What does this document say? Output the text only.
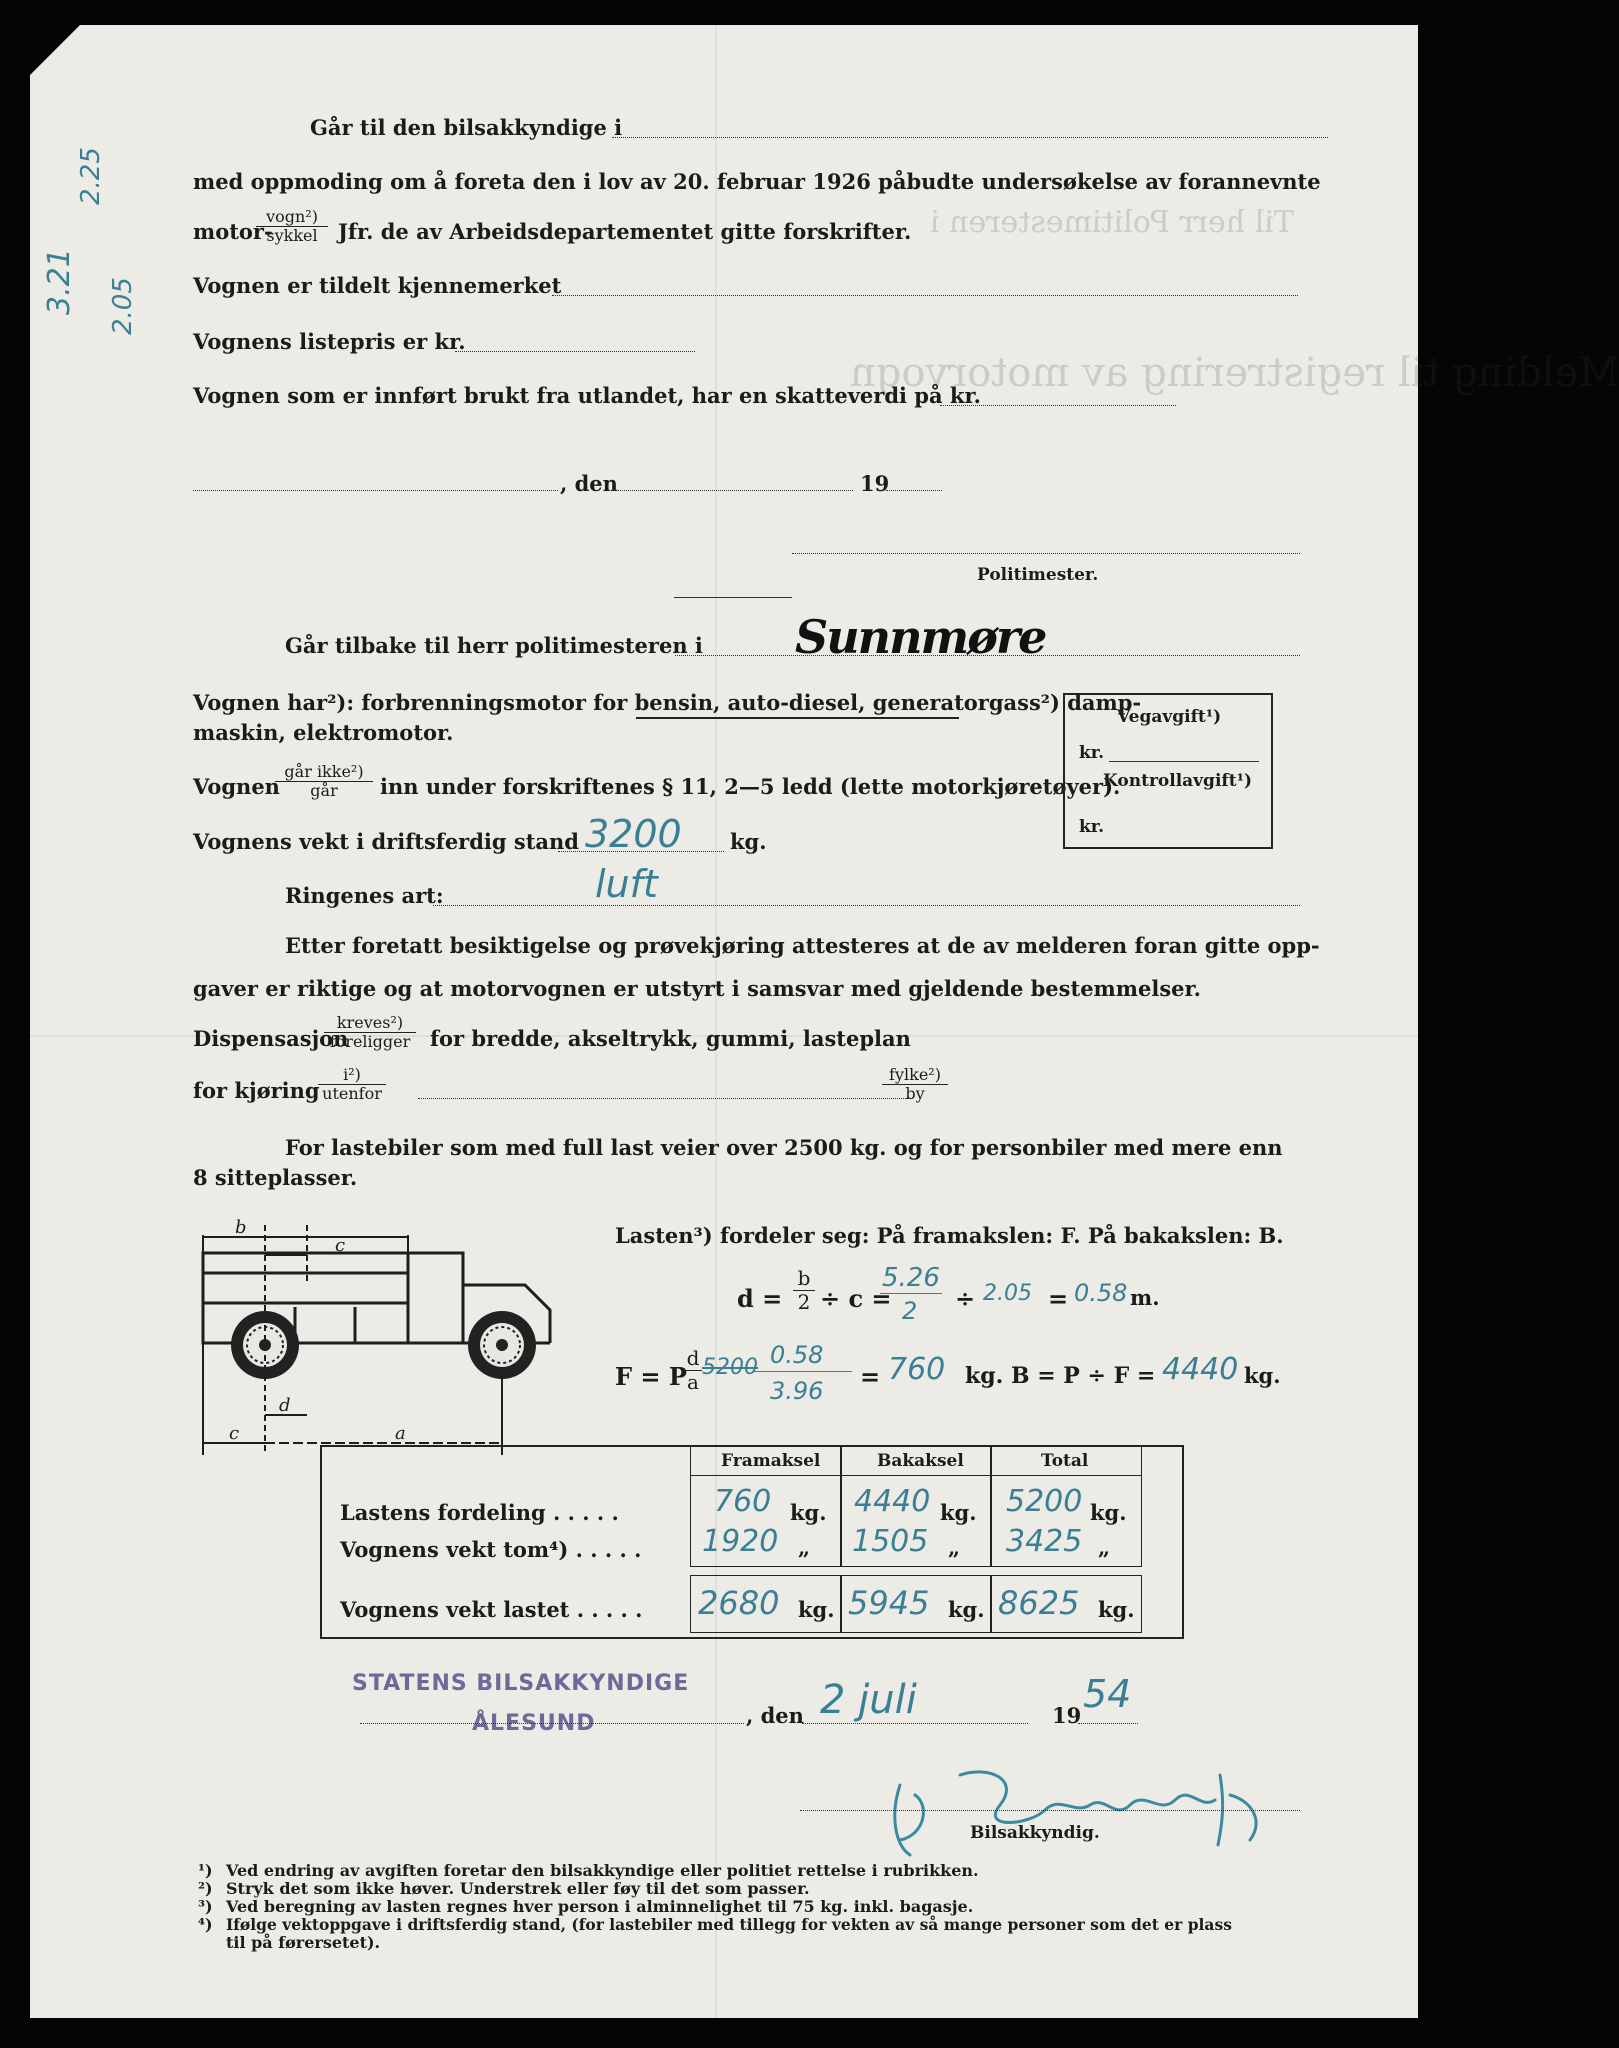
Til herr Politimesteren i
Melding til registrering av motorvogn
3.21
2.25
2.05
Går til den bilsakkyndige i
med oppmoding om å foreta den i lov av 20. februar 1926 påbudte undersøkelse av forannevnte
motor-
vogn²)
sykkel Jfr. de av Arbeidsdepartementet gitte forskrifter.
Vognen er tildelt kjennemerket
Vognens listepris er kr.
Vognen som er innført brukt fra utlandet, har en skatteverdi på kr.
, den	19
Politimester.
Går tilbake til herr politimesteren i Sunnmøre
Vognen har²): forbrenningsmotor for bensin, auto-diesel, generatorgass²) damp-
maskin, elektromotor.
Vognen
går ikke²)
går	inn under forskriftenes § 11, 2—5 ledd (lette motorkjøretøyer).
Vegavgift¹)
kr.
Kontrollavgift¹)
kr.
Vognens vekt i driftsferdig stand 3200 kg.
Ringenes art:	luft
Etter foretatt besiktigelse og prøvekjøring attesteres at de av melderen foran gitte opp-
gaver er riktige og at motorvognen er utstyrt i samsvar med gjeldende bestemmelser.
Dispensasjon
kreves²)
foreligger for bredde, akseltrykk, gummi, lasteplan
for kjøring
i²)
utenfor
fylke²)
by
For lastebiler som med full last veier over 2500 kg. og for personbiler med mere enn
8 sitteplasser.
b
c
d
a
c
Lasten³) fordeler seg: På framakslen: F. På bakakslen: B.
$d = \frac{b}{2} \div c$ =
5.26
2 ÷ 2.05 = 0.58 m.
F = P
$\frac{d}{a} 5200$ 0.58
3.96 = 760 kg. B = P ÷ F = 4440 kg.
Framaksel	Bakaksel	Total
Lastens fordeling . . . . .	760 kg. 4440 kg. 5200 kg.
Vognens vekt tom⁴) . . . . . 1920 „ 1505 „ 3425 „
Vognens vekt lastet . . . . . 2680 kg. 5945 kg. 8625 kg.
STATENS BILSAKKYNDIGE
ÅLESUND	, den 2 juli	19 54
Bilsakkyndig.
¹) Ved endring av avgiften foretar den bilsakkyndige eller politiet rettelse i rubrikken.
²) Stryk det som ikke høver. Understrek eller føy til det som passer.
³) Ved beregning av lasten regnes hver person i alminnelighet til 75 kg. inkl. bagasje.
⁴) Ifølge vektoppgave i driftsferdig stand, (for lastebiler med tillegg for vekten av så mange personer som det er plass
til på førersetet).
